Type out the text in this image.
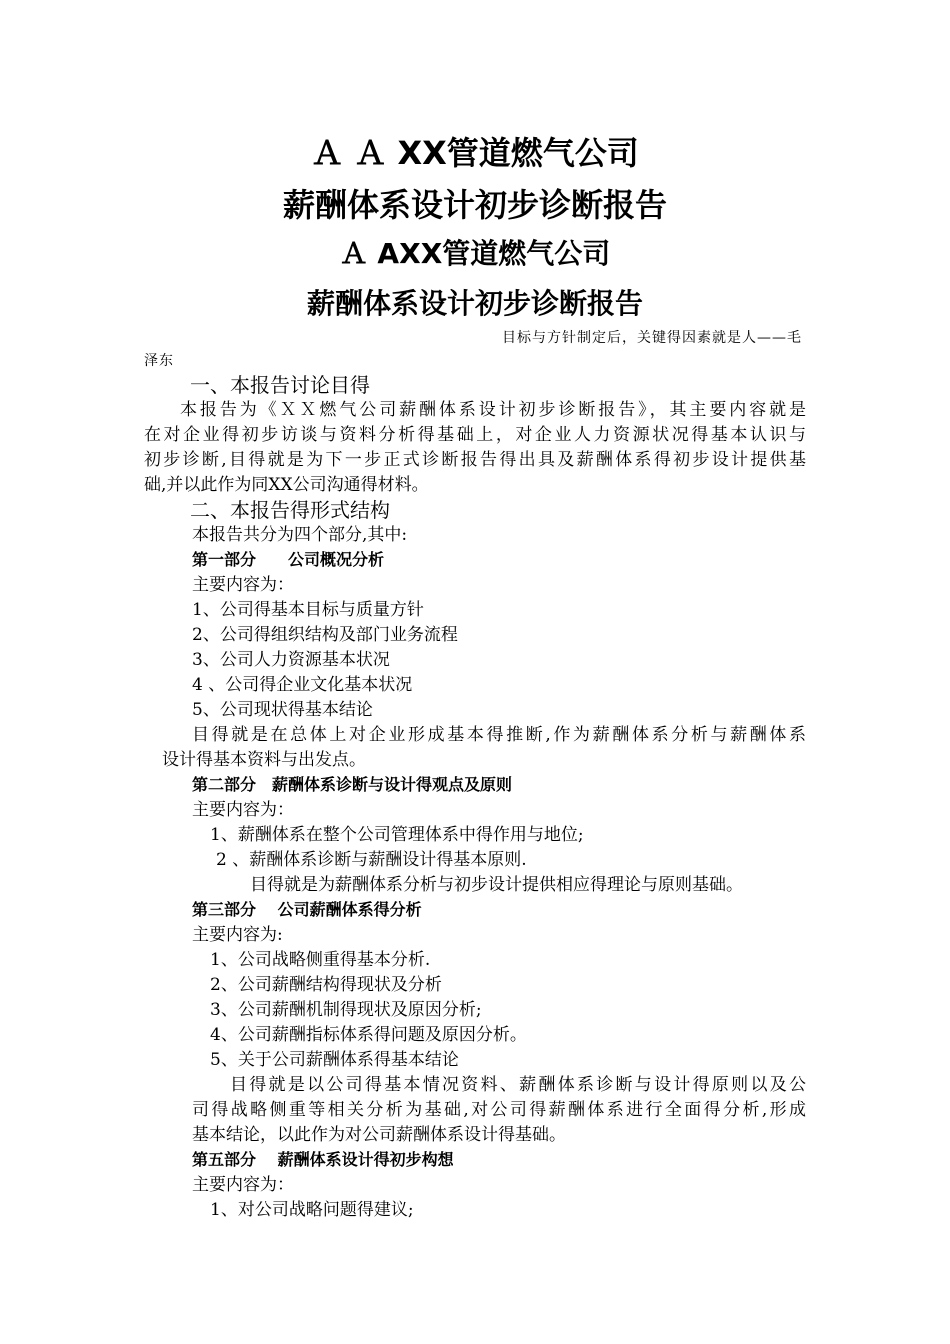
Ａ Ａ XX管道燃气公司
薪酬体系设计初步诊断报告
Ａ AXX管道燃气公司
薪酬体系设计初步诊断报告
目标与方针制定后，关键得因素就是人——毛
泽东
一、本报告讨论目得
本报告为《ＸＸ燃气公司薪酬体系设计初步诊断报告》，其主要内容就是
在对企业得初步访谈与资料分析得基础上，对企业人力资源状况得基本认识与
初步诊断,目得就是为下一步正式诊断报告得出具及薪酬体系得初步设计提供基
础,并以此作为同XX公司沟通得材料。
二、本报告得形式结构
本报告共分为四个部分,其中:
第一部分　　公司概况分析
主要内容为：
1、公司得基本目标与质量方针
2、公司得组织结构及部门业务流程
3、公司人力资源基本状况
4 、公司得企业文化基本状况
5、公司现状得基本结论
目得就是在总体上对企业形成基本得推断,作为薪酬体系分析与薪酬体系
设计得基本资料与出发点。
第二部分　薪酬体系诊断与设计得观点及原则
主要内容为：
1、薪酬体系在整个公司管理体系中得作用与地位;
2 、薪酬体系诊断与薪酬设计得基本原则.
目得就是为薪酬体系分析与初步设计提供相应得理论与原则基础。
第三部分　 公司薪酬体系得分析
主要内容为:
1、公司战略侧重得基本分析.
2、公司薪酬结构得现状及分析
3、公司薪酬机制得现状及原因分析;
4、公司薪酬指标体系得问题及原因分析。
5、关于公司薪酬体系得基本结论
目得就是以公司得基本情况资料、薪酬体系诊断与设计得原则以及公
司得战略侧重等相关分析为基础,对公司得薪酬体系进行全面得分析,形成
基本结论，以此作为对公司薪酬体系设计得基础。
第五部分　 薪酬体系设计得初步构想
主要内容为：
1、对公司战略问题得建议;
